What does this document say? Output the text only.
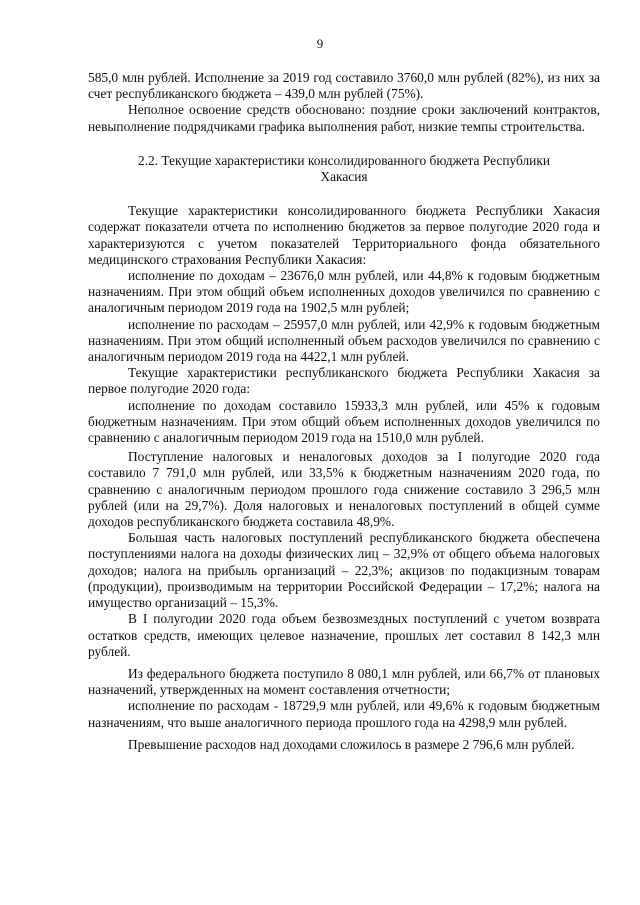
9

585,0 млн рублей. Исполнение за 2019 год составило 3760,0 млн рублей (82%), из них за счет республиканского бюджета – 439,0 млн рублей (75%).

Неполное освоение средств обосновано: поздние сроки заключений контрактов, невыполнение подрядчиками графика выполнения работ, низкие темпы строительства.

2.2. Текущие характеристики консолидированного бюджета Республики Хакасия

Текущие характеристики консолидированного бюджета Республики Хакасия содержат показатели отчета по исполнению бюджетов за первое полугодие 2020 года и характеризуются с учетом показателей Территориального фонда обязательного медицинского страхования Республики Хакасия:

исполнение по доходам – 23676,0 млн рублей, или 44,8% к годовым бюджетным назначениям. При этом общий объем исполненных доходов увеличился по сравнению с аналогичным периодом 2019 года на 1902,5 млн рублей;

исполнение по расходам – 25957,0 млн рублей, или 42,9% к годовым бюджетным назначениям. При этом общий исполненный объем расходов увеличился по сравнению с аналогичным периодом 2019 года на 4422,1 млн рублей.

Текущие характеристики республиканского бюджета Республики Хакасия за первое полугодие 2020 года:

исполнение по доходам составило 15933,3 млн рублей, или 45% к годовым бюджетным назначениям. При этом общий объем исполненных доходов увеличился по сравнению с аналогичным периодом 2019 года на 1510,0 млн рублей.

Поступление налоговых и неналоговых доходов за I полугодие 2020 года составило 7 791,0 млн рублей, или 33,5% к бюджетным назначениям 2020 года, по сравнению с аналогичным периодом прошлого года снижение составило 3 296,5 млн рублей (или на 29,7%). Доля налоговых и неналоговых поступлений в общей сумме доходов республиканского бюджета составила 48,9%.

Большая часть налоговых поступлений республиканского бюджета обеспечена поступлениями налога на доходы физических лиц – 32,9% от общего объема налоговых доходов; налога на прибыль организаций – 22,3%; акцизов по подакцизным товарам (продукции), производимым на территории Российской Федерации – 17,2%; налога на имущество организаций – 15,3%.

В I полугодии 2020 года объем безвозмездных поступлений с учетом возврата остатков средств, имеющих целевое назначение, прошлых лет составил 8 142,3 млн рублей.

Из федерального бюджета поступило 8 080,1 млн рублей, или 66,7% от плановых назначений, утвержденных на момент составления отчетности;

исполнение по расходам - 18729,9 млн рублей, или 49,6% к годовым бюджетным назначениям, что выше аналогичного периода прошлого года на 4298,9 млн рублей.

Превышение расходов над доходами сложилось в размере 2 796,6 млн рублей.
